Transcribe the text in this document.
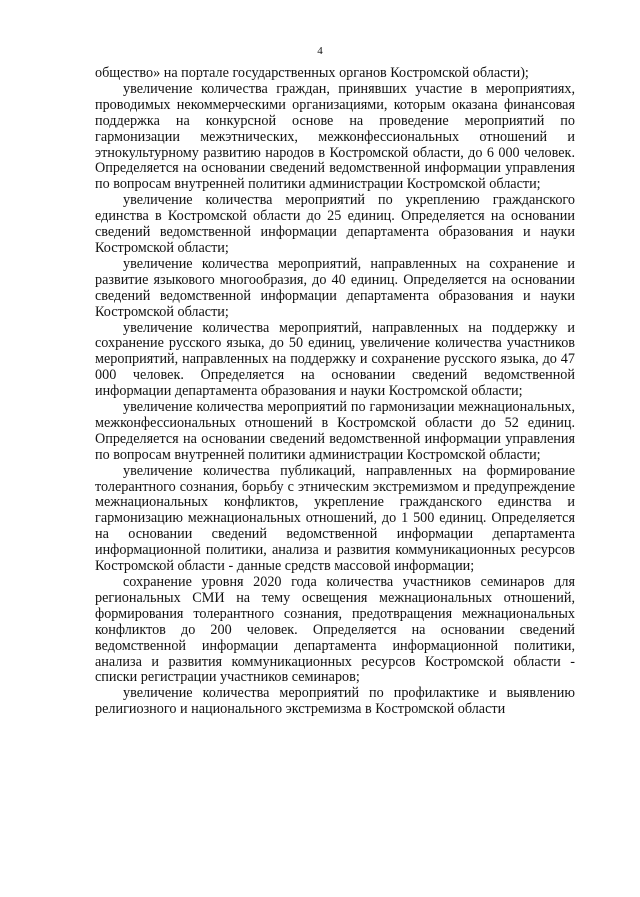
4

общество» на портале государственных органов Костромской области);

увеличение количества граждан, принявших участие в мероприятиях, проводимых некоммерческими организациями, которым оказана финансовая поддержка на конкурсной основе на проведение мероприятий по гармонизации межэтнических, межконфессиональных отношений и этнокультурному развитию народов в Костромской области, до 6 000 человек. Определяется на основании сведений ведомственной информации управления по вопросам внутренней политики администрации Костромской области;

увеличение количества мероприятий по укреплению гражданского единства в Костромской области до 25 единиц. Определяется на основании сведений ведомственной информации департамента образования и науки Костромской области;

увеличение количества мероприятий, направленных на сохранение и развитие языкового многообразия, до 40 единиц. Определяется на основании сведений ведомственной информации департамента образования и науки Костромской области;

увеличение количества мероприятий, направленных на поддержку и сохранение русского языка, до 50 единиц, увеличение количества участников мероприятий, направленных на поддержку и сохранение русского языка, до 47 000 человек. Определяется на основании сведений ведомственной информации департамента образования и науки Костромской области;

увеличение количества мероприятий по гармонизации межнациональных, межконфессиональных отношений в Костромской области до 52 единиц. Определяется на основании сведений ведомственной информации управления по вопросам внутренней политики администрации Костромской области;

увеличение количества публикаций, направленных на формирование толерантного сознания, борьбу с этническим экстремизмом и предупреждение межнациональных конфликтов, укрепление гражданского единства и гармонизацию межнациональных отношений, до 1 500 единиц. Определяется на основании сведений ведомственной информации департамента информационной политики, анализа и развития коммуникационных ресурсов Костромской области - данные средств массовой информации;

сохранение уровня 2020 года количества участников семинаров для региональных СМИ на тему освещения межнациональных отношений, формирования толерантного сознания, предотвращения межнациональных конфликтов до 200 человек. Определяется на основании сведений ведомственной информации департамента информационной политики, анализа и развития коммуникационных ресурсов Костромской области - списки регистрации участников семинаров;

увеличение количества мероприятий по профилактике и выявлению религиозного и национального экстремизма в Костромской области
